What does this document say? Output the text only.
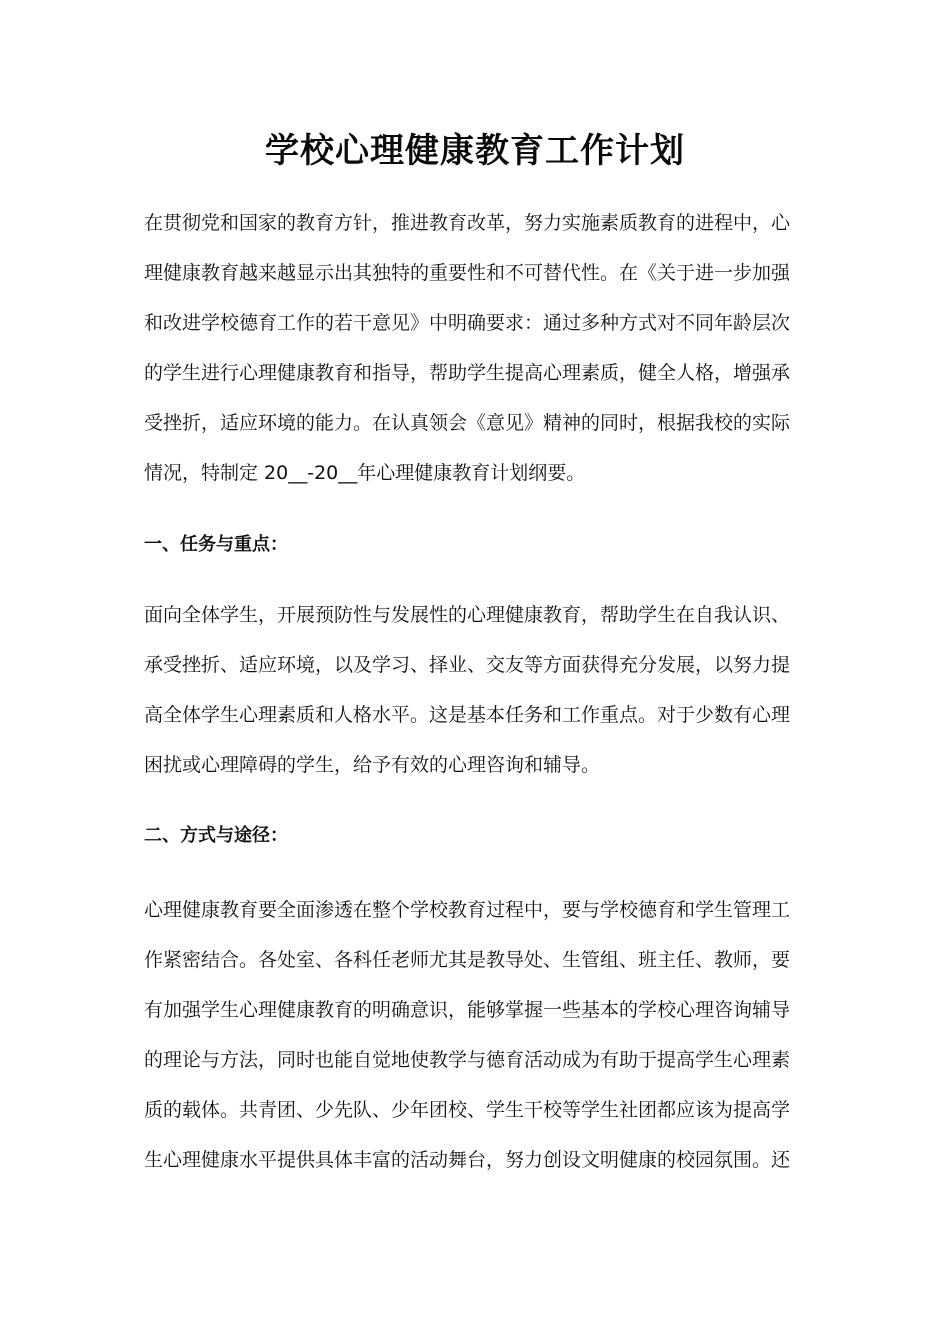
学校心理健康教育工作计划
在贯彻党和国家的教育方针，推进教育改革，努力实施素质教育的进程中，心
理健康教育越来越显示出其独特的重要性和不可替代性。在《关于进一步加强
和改进学校德育工作的若干意见》中明确要求：通过多种方式对不同年龄层次
的学生进行心理健康教育和指导，帮助学生提高心理素质，健全人格，增强承
受挫折，适应环境的能力。在认真领会《意见》精神的同时，根据我校的实际
情况，特制定 20__-20__年心理健康教育计划纲要。
一、任务与重点：
面向全体学生，开展预防性与发展性的心理健康教育，帮助学生在自我认识、
承受挫折、适应环境，以及学习、择业、交友等方面获得充分发展，以努力提
高全体学生心理素质和人格水平。这是基本任务和工作重点。对于少数有心理
困扰或心理障碍的学生，给予有效的心理咨询和辅导。
二、方式与途径：
心理健康教育要全面渗透在整个学校教育过程中，要与学校德育和学生管理工
作紧密结合。各处室、各科任老师尤其是教导处、生管组、班主任、教师，要
有加强学生心理健康教育的明确意识，能够掌握一些基本的学校心理咨询辅导
的理论与方法，同时也能自觉地使教学与德育活动成为有助于提高学生心理素
质的载体。共青团、少先队、少年团校、学生干校等学生社团都应该为提高学
生心理健康水平提供具体丰富的活动舞台，努力创设文明健康的校园氛围。还
